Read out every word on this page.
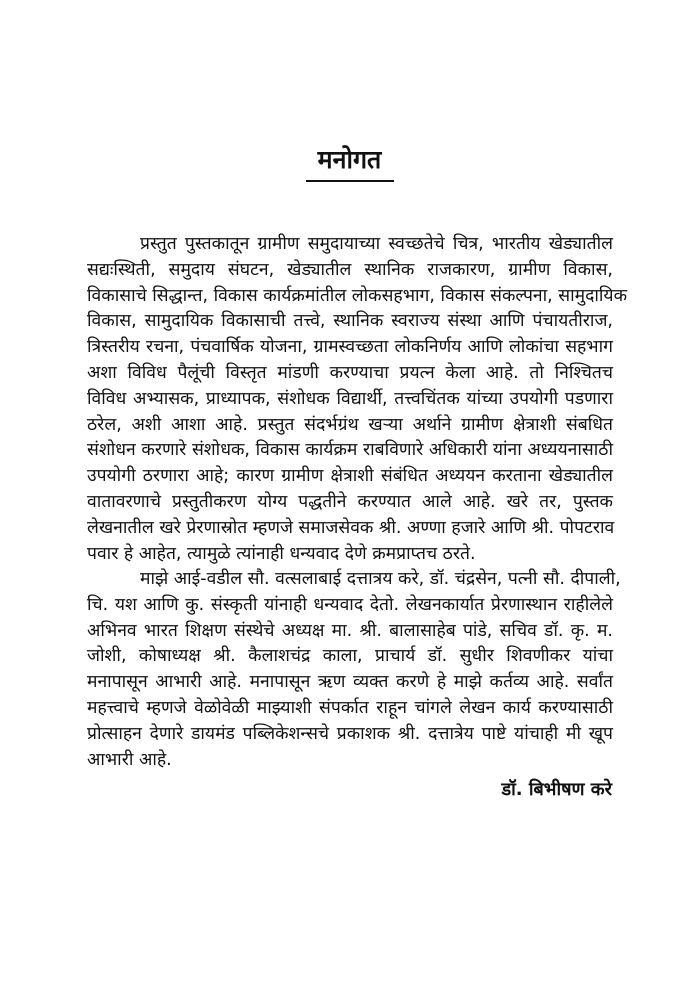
मनोगत
प्रस्तुत पुस्तकातून ग्रामीण समुदायाच्या स्वच्छतेचे चित्र, भारतीय खेड्यातील
सद्यःस्थिती, समुदाय संघटन, खेड्यातील स्थानिक राजकारण, ग्रामीण विकास,
विकासाचे सिद्धान्त, विकास कार्यक्रमांतील लोकसहभाग, विकास संकल्पना, सामुदायिक
विकास, सामुदायिक विकासाची तत्त्वे, स्थानिक स्वराज्य संस्था आणि पंचायतीराज,
त्रिस्तरीय रचना, पंचवार्षिक योजना, ग्रामस्वच्छता लोकनिर्णय आणि लोकांचा सहभाग
अशा विविध पैलूंची विस्तृत मांडणी करण्याचा प्रयत्न केला आहे. तो निश्चितच
विविध अभ्यासक, प्राध्यापक, संशोधक विद्यार्थी, तत्त्वचिंतक यांच्या उपयोगी पडणारा
ठरेल, अशी आशा आहे. प्रस्तुत संदर्भग्रंथ खऱ्या अर्थाने ग्रामीण क्षेत्राशी संबधित
संशोधन करणारे संशोधक, विकास कार्यक्रम राबविणारे अधिकारी यांना अध्ययनासाठी
उपयोगी ठरणारा आहे; कारण ग्रामीण क्षेत्राशी संबंधित अध्ययन करताना खेड्यातील
वातावरणाचे प्रस्तुतीकरण योग्य पद्धतीने करण्यात आले आहे. खरे तर, पुस्तक
लेखनातील खरे प्रेरणास्रोत म्हणजे समाजसेवक श्री. अण्णा हजारे आणि श्री. पोपटराव
पवार हे आहेत, त्यामुळे त्यांनाही धन्यवाद देणे क्रमप्राप्तच ठरते.
माझे आई-वडील सौ. वत्सलाबाई दत्तात्रय करे, डॉ. चंद्रसेन, पत्नी सौ. दीपाली,
चि. यश आणि कु. संस्कृती यांनाही धन्यवाद देतो. लेखनकार्यात प्रेरणास्थान राहीलेले
अभिनव भारत शिक्षण संस्थेचे अध्यक्ष मा. श्री. बालासाहेब पांडे, सचिव डॉ. कृ. म.
जोशी, कोषाध्यक्ष श्री. कैलाशचंद्र काला, प्राचार्य डॉ. सुधीर शिवणीकर यांचा
मनापासून आभारी आहे. मनापासून ऋण व्यक्त करणे हे माझे कर्तव्य आहे. सर्वांत
महत्त्वाचे म्हणजे वेळोवेळी माझ्याशी संपर्कात राहून चांगले लेखन कार्य करण्यासाठी
प्रोत्साहन देणारे डायमंड पब्लिकेशन्सचे प्रकाशक श्री. दत्तात्रेय पाष्टे यांचाही मी खूप
आभारी आहे.
डॉ. बिभीषण करे
